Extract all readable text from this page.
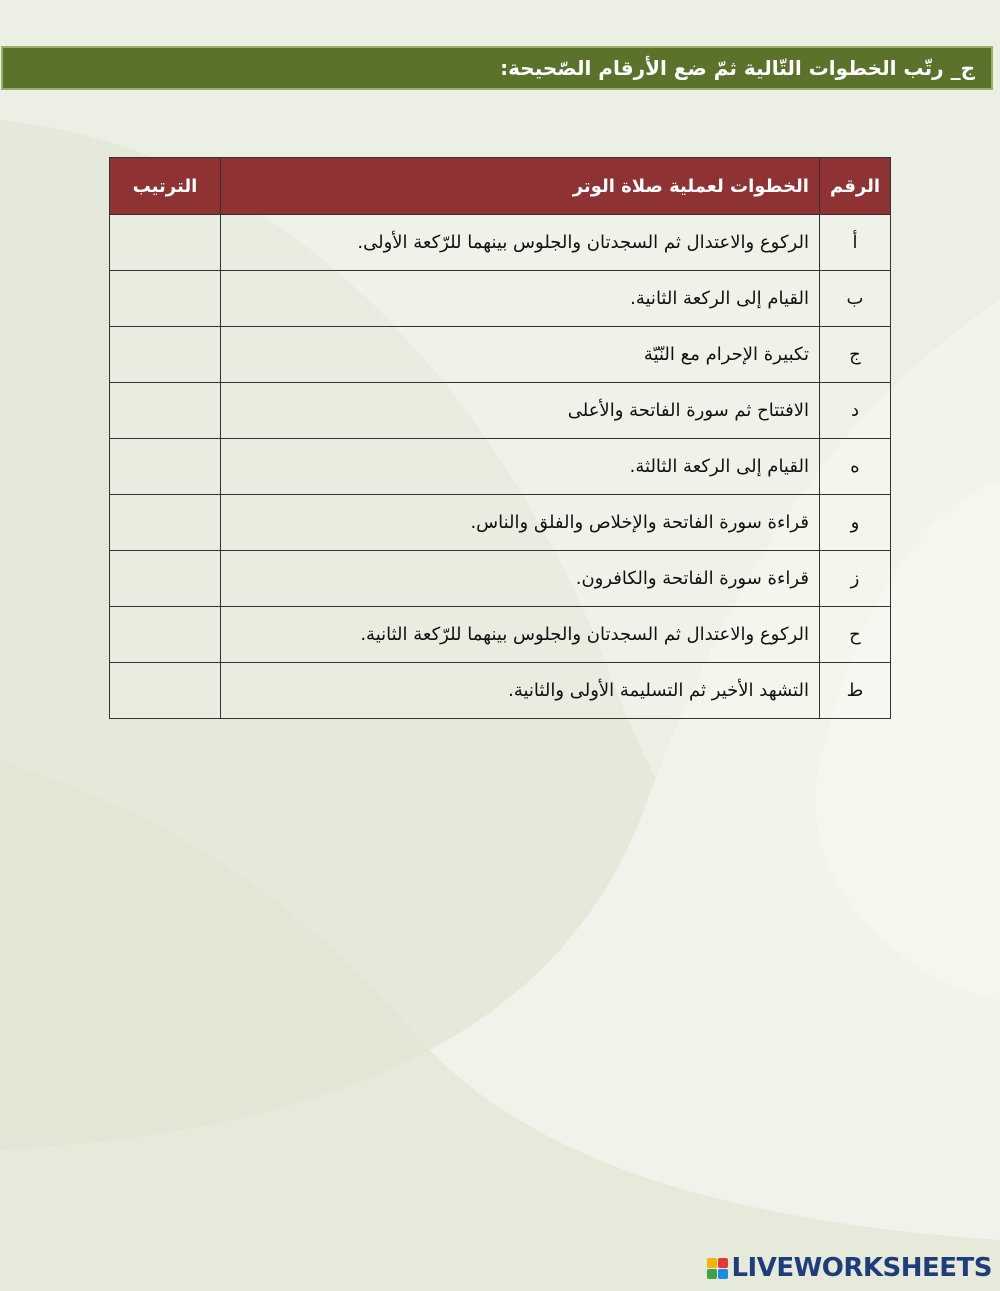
ج_ رتّب الخطوات التّالية ثمّ ضع الأرقام الصّحيحة:
الرقم	الخطوات لعملية صلاة الوتر	الترتيب
أ	الركوع والاعتدال ثم السجدتان والجلوس بينهما للرّكعة الأولى.	
ب	القيام إلى الركعة الثانية.	
ج	تكبيرة الإحرام مع النّيّة	
د	الافتتاح ثم سورة الفاتحة والأعلى	
ه	القيام إلى الركعة الثالثة.	
و	قراءة سورة الفاتحة والإخلاص والفلق والناس.	
ز	قراءة سورة الفاتحة والكافرون.	
ح	الركوع والاعتدال ثم السجدتان والجلوس بينهما للرّكعة الثانية.	
ط	التشهد الأخير ثم التسليمة الأولى والثانية.	
LIVEWORKSHEETS
